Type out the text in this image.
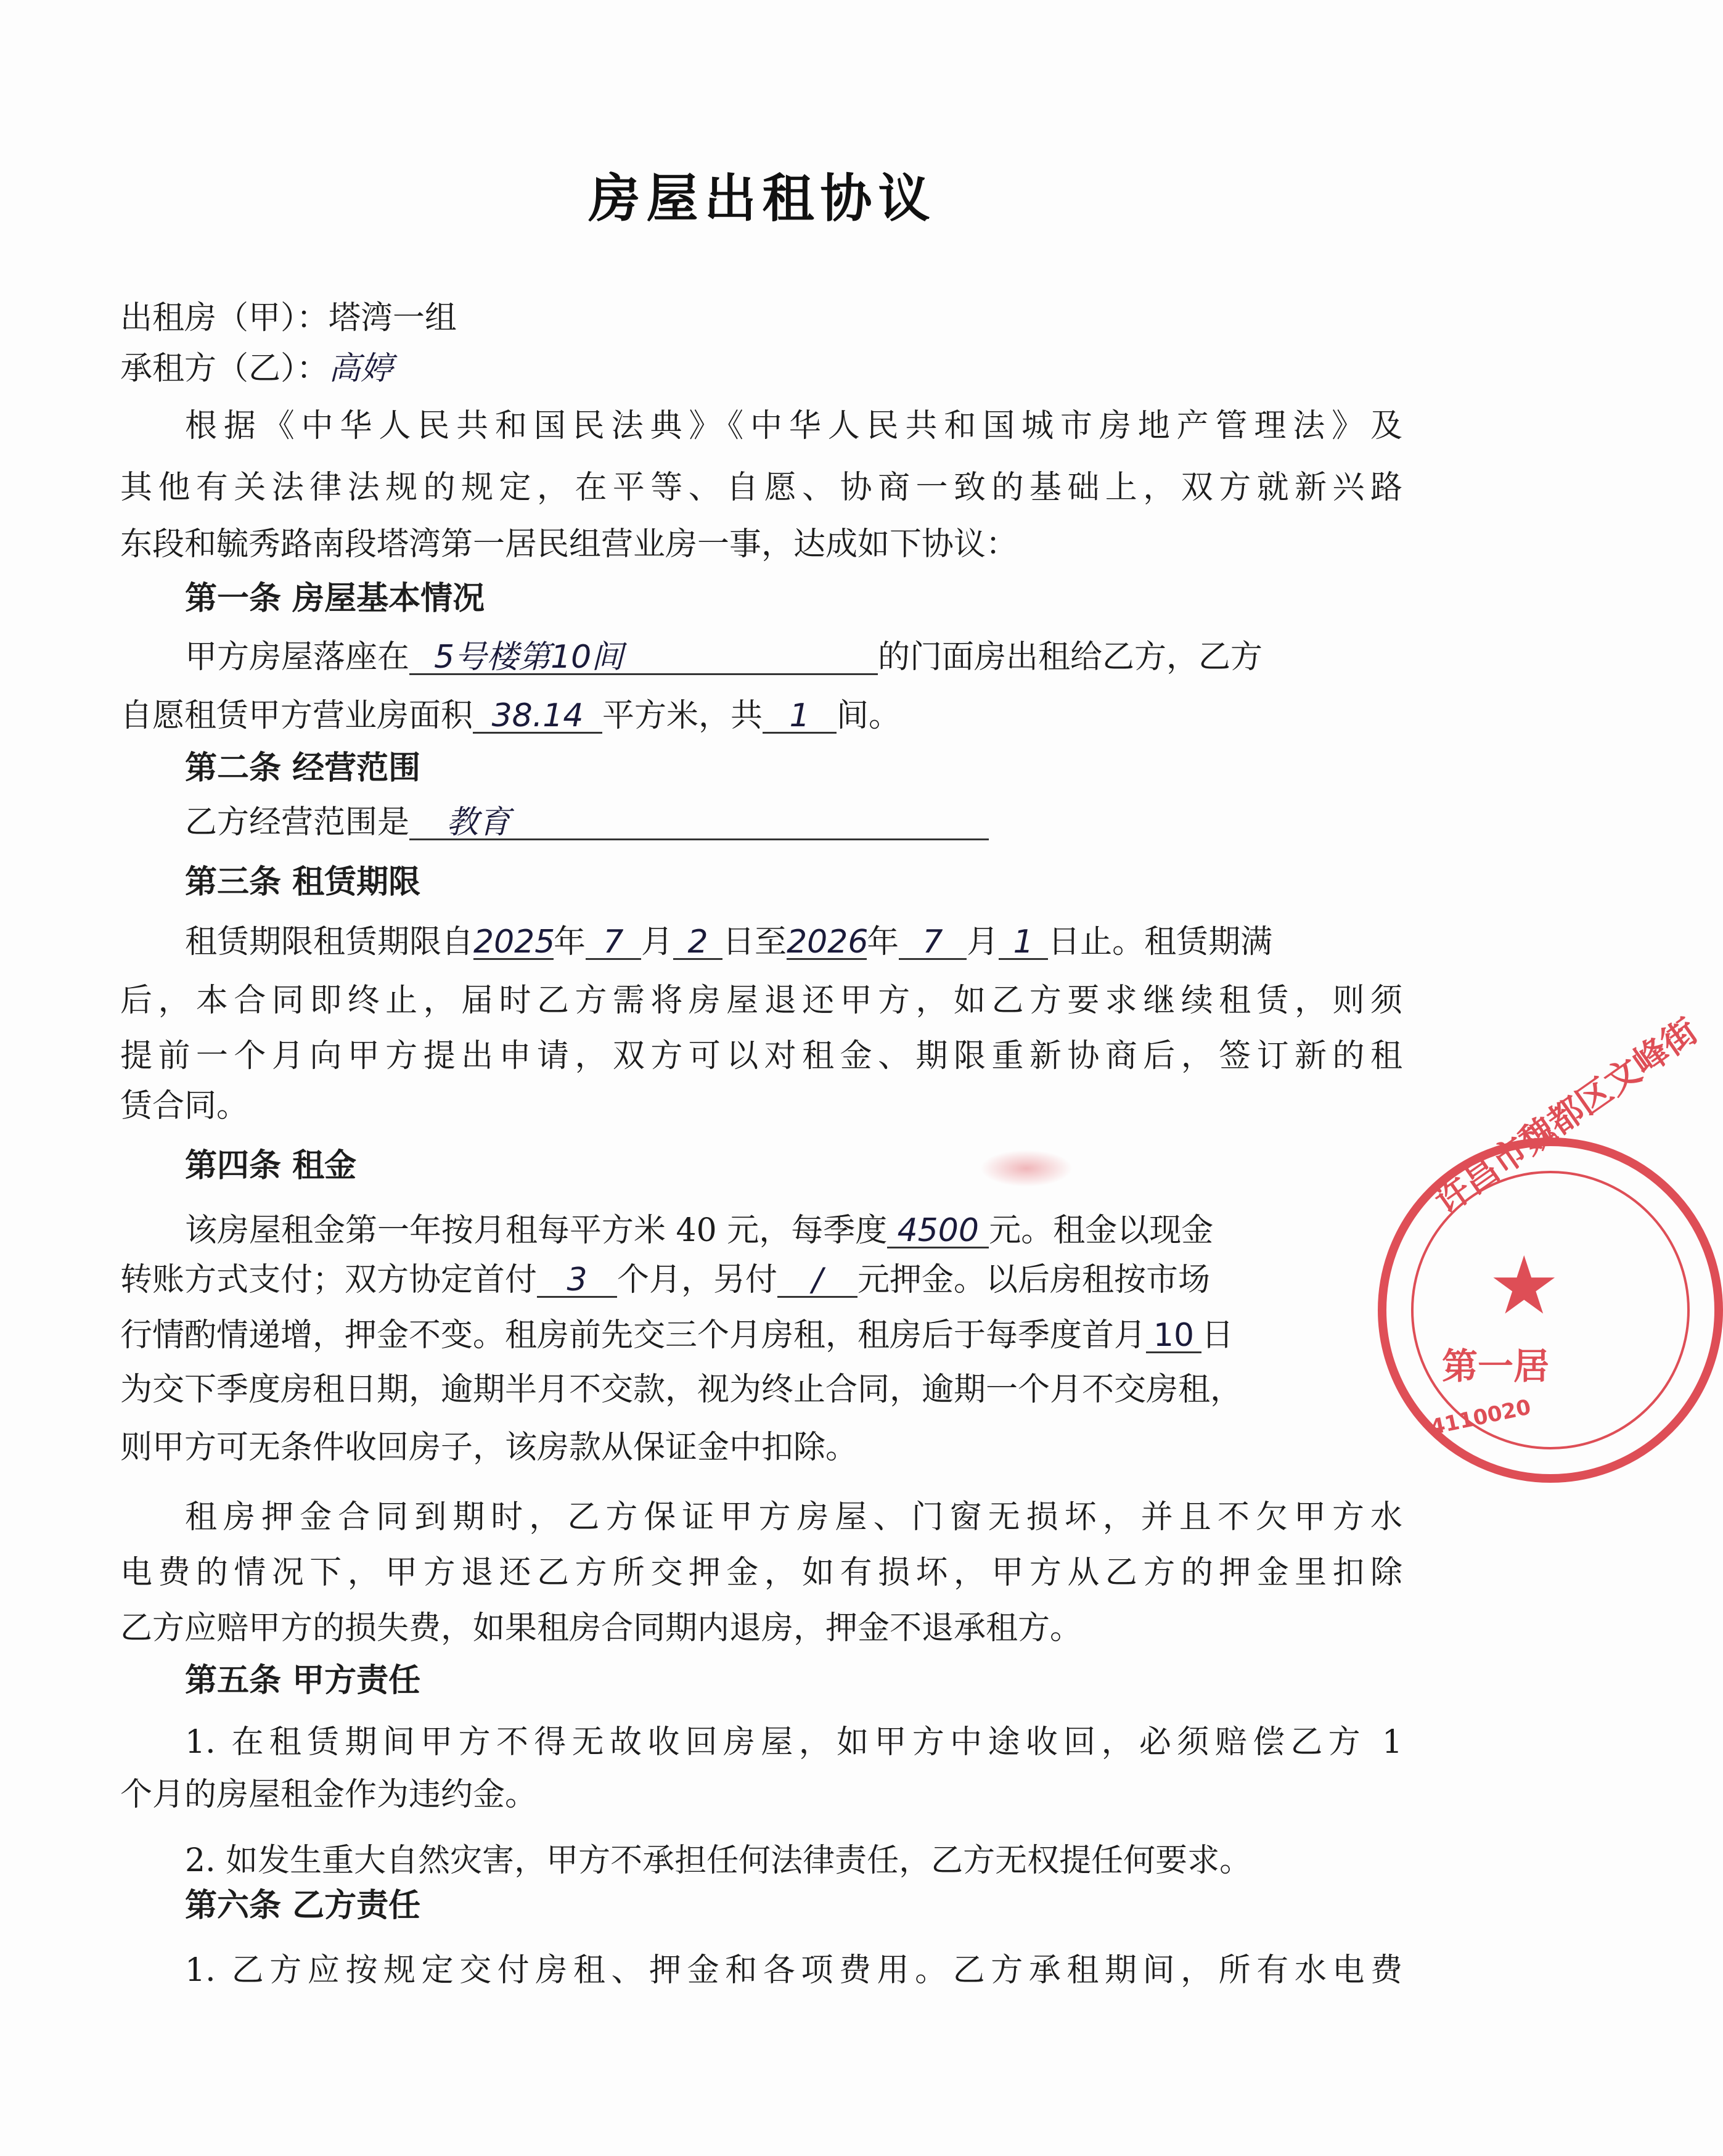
房屋出租协议
出租房（甲）：塔湾一组
承租方（乙）：高婷
根据《中华人民共和国民法典》《中华人民共和国城市房地产管理法》及
其他有关法律法规的规定，在平等、自愿、协商一致的基础上，双方就新兴路
东段和毓秀路南段塔湾第一居民组营业房一事，达成如下协议：
第一条 房屋基本情况
甲方房屋落座在 5号楼第10间	的门面房出租给乙方，乙方
自愿租赁甲方营业房面积 38.14 平方米，共 1 间。
第二条 经营范围
乙方经营范围是 教育
第三条 租赁期限
租赁期限租赁期限自2025年 7 月 2 日至2026年 7 月 1 日止。租赁期满
后，本合同即终止，届时乙方需将房屋退还甲方，如乙方要求继续租赁，则须
提前一个月向甲方提出申请，双方可以对租金、期限重新协商后，签订新的租
赁合同。
第四条 租金
该房屋租金第一年按月租每平方米 40 元，每季度 4500 元。租金以现金
转账方式支付；双方协定首付 3 个月，另付 / 元押金。以后房租按市场
行情酌情递增，押金不变。租房前先交三个月房租，租房后于每季度首月 10 日
为交下季度房租日期，逾期半月不交款，视为终止合同，逾期一个月不交房租，
则甲方可无条件收回房子，该房款从保证金中扣除。
租房押金合同到期时，乙方保证甲方房屋、门窗无损坏，并且不欠甲方水
电费的情况下，甲方退还乙方所交押金，如有损坏，甲方从乙方的押金里扣除
乙方应赔甲方的损失费，如果租房合同期内退房，押金不退承租方。
第五条 甲方责任
1. 在租赁期间甲方不得无故收回房屋，如甲方中途收回，必须赔偿乙方 1
个月的房屋租金作为违约金。
2. 如发生重大自然灾害，甲方不承担任何法律责任，乙方无权提任何要求。
第六条 乙方责任
1. 乙方应按规定交付房租、押金和各项费用。乙方承租期间，所有水电费
★
许昌市魏都区文峰街
第一居
4110020
